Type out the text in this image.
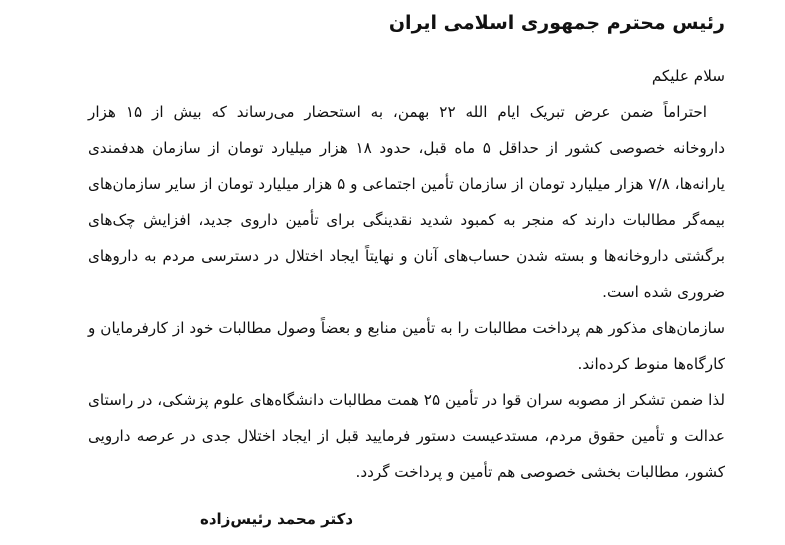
رئیس محترم جمهوری اسلامی ایران

سلام علیکم

احتراماً ضمن عرض تبریک ایام الله ۲۲ بهمن، به استحضار می‌رساند که بیش از ۱۵ هزار
داروخانه خصوصی کشور از حداقل ۵ ماه قبل، حدود ۱۸ هزار میلیارد تومان از سازمان هدفمندی
یارانه‌ها، ۷/۸ هزار میلیارد تومان از سازمان تأمین اجتماعی و ۵ هزار میلیارد تومان از سایر سازمان‌های
بیمه‌گر مطالبات دارند که منجر به کمبود شدید نقدینگی برای تأمین داروی جدید، افزایش چک‌های
برگشتی داروخانه‌ها و بسته شدن حساب‌های آنان و نهایتاً ایجاد اختلال در دسترسی مردم به داروهای
ضروری شده است.

سازمان‌های مذکور هم پرداخت مطالبات را به تأمین منابع و بعضاً وصول مطالبات خود از کارفرمایان و
کارگاه‌ها منوط کرده‌اند.

لذا ضمن تشکر از مصوبه سران قوا در تأمین ۲۵ همت مطالبات دانشگاه‌های علوم پزشکی، در راستای
عدالت و تأمین حقوق مردم، مستدعیست دستور فرمایید قبل از ایجاد اختلال جدی در عرصه دارویی
کشور، مطالبات بخشی خصوصی هم تأمین و پرداخت گردد.

دکتر محمد رئیس‌زاده
